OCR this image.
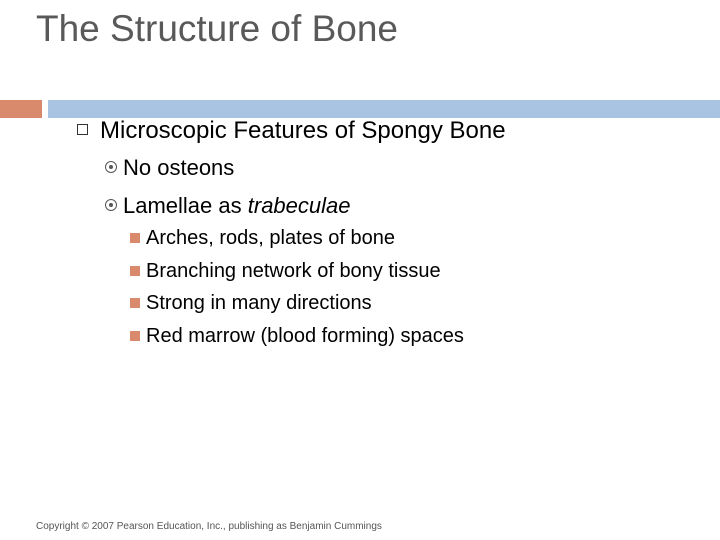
The Structure of Bone
Microscopic Features of Spongy Bone
No osteons
Lamellae as trabeculae
Arches, rods, plates of bone
Branching network of bony tissue
Strong in many directions
Red marrow (blood forming) spaces
Copyright © 2007 Pearson Education, Inc., publishing as Benjamin Cummings
